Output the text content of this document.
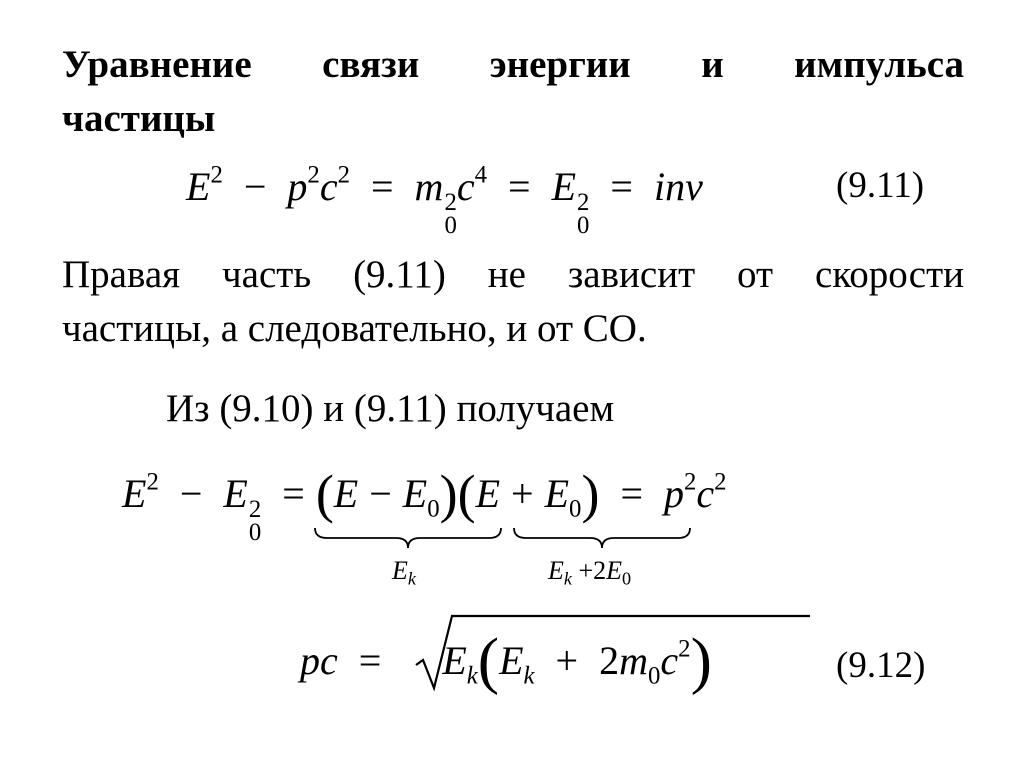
Уравнение связи энергии и импульса
частицы
$E^2 - p^2c^2 = m$ 2
0
$c^4 = E$ 2
0
= inv	(9.11)
Правая часть (9.11) не зависит от скорости
частицы, а следовательно, и от СО.
Из (9.10) и (9.11) получаем
$E^2 - E$ 2
0
= $(E - E_0)(E + E_0) = p^2c^2$
$E_k$	$E_k +2E_0$
pc = $E_k(E_k + 2m_0c^2)$	(9.12)
